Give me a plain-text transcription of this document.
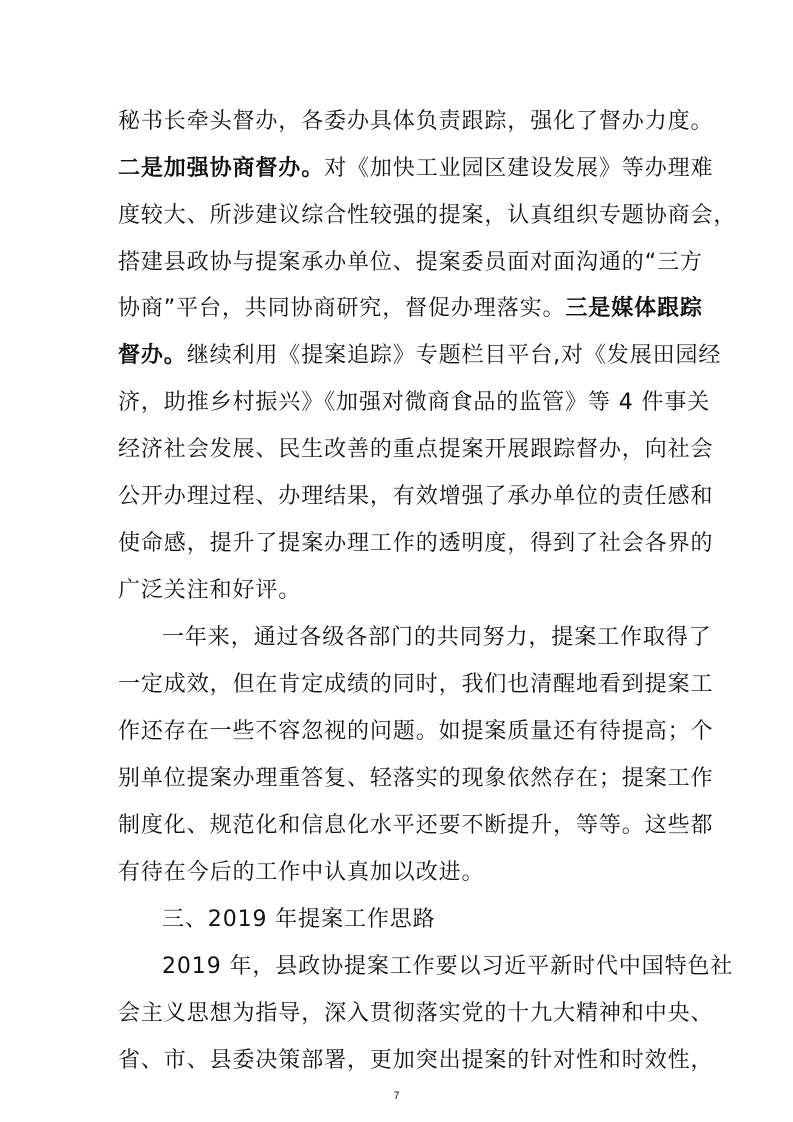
秘书长牵头督办，各委办具体负责跟踪，强化了督办力度。
二是加强协商督办。对《加快工业园区建设发展》等办理难
度较大、所涉建议综合性较强的提案，认真组织专题协商会，
搭建县政协与提案承办单位、提案委员面对面沟通的“三方
协商”平台，共同协商研究，督促办理落实。三是媒体跟踪
督办。继续利用《提案追踪》专题栏目平台,对《发展田园经
济，助推乡村振兴》《加强对微商食品的监管》等 4 件事关
经济社会发展、民生改善的重点提案开展跟踪督办，向社会
公开办理过程、办理结果，有效增强了承办单位的责任感和
使命感，提升了提案办理工作的透明度，得到了社会各界的
广泛关注和好评。
一年来，通过各级各部门的共同努力，提案工作取得了
一定成效，但在肯定成绩的同时，我们也清醒地看到提案工
作还存在一些不容忽视的问题。如提案质量还有待提高；个
别单位提案办理重答复、轻落实的现象依然存在；提案工作
制度化、规范化和信息化水平还要不断提升，等等。这些都
有待在今后的工作中认真加以改进。
三、2019 年提案工作思路
2019 年，县政协提案工作要以习近平新时代中国特色社
会主义思想为指导，深入贯彻落实党的十九大精神和中央、
省、市、县委决策部署，更加突出提案的针对性和时效性，
7
